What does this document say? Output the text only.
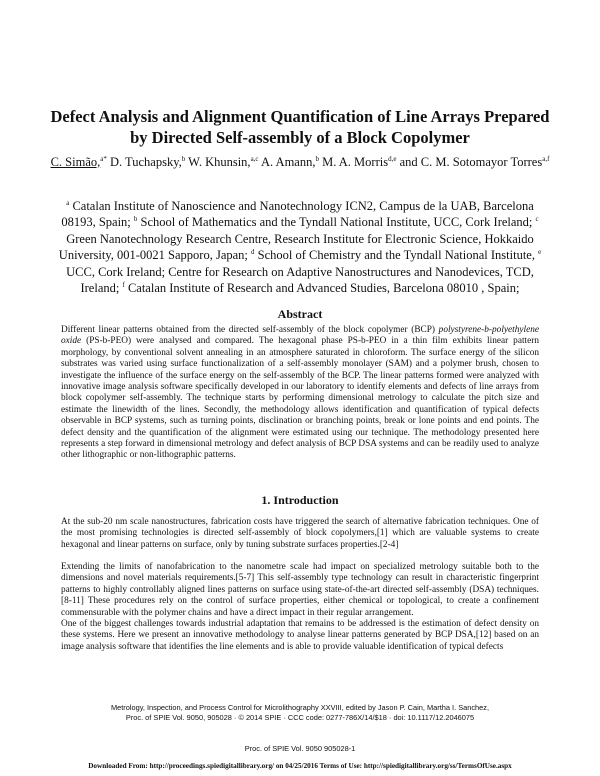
Defect Analysis and Alignment Quantification of Line Arrays Prepared
by Directed Self-assembly of a Block Copolymer
C. Simão,$^{a*}$ D. Tuchapsky,$^b$ W. Khunsin,$^{a,c}$ A. Amann,$^b$ M. A. Morris$^{d,e}$ and C. M. Sotomayor Torres$^{a,f}$
$^a$ Catalan Institute of Nanoscience and Nanotechnology ICN2, Campus de la UAB, Barcelona 08193, Spain; $^b$ School of Mathematics and the Tyndall National Institute, UCC, Cork Ireland; $^c$ Green Nanotechnology Research Centre, Research Institute for Electronic Science, Hokkaido University, 001-0021 Sapporo, Japan; $^d$ School of Chemistry and the Tyndall National Institute, $^e$ UCC, Cork Ireland; Centre for Research on Adaptive Nanostructures and Nanodevices, TCD, Ireland; $^f$ Catalan Institute of Research and Advanced Studies, Barcelona 08010 , Spain;
Abstract
Different linear patterns obtained from the directed self-assembly of the block copolymer (BCP) polystyrene-b-polyethylene oxide (PS-b-PEO) were analysed and compared. The hexagonal phase PS-b-PEO in a thin film exhibits linear pattern morphology, by conventional solvent annealing in an atmosphere saturated in chloroform. The surface energy of the silicon substrates was varied using surface functionalization of a self-assembly monolayer (SAM) and a polymer brush, chosen to investigate the influence of the surface energy on the self-assembly of the BCP. The linear patterns formed were analyzed with innovative image analysis software specifically developed in our laboratory to identify elements and defects of line arrays from block copolymer self-assembly. The technique starts by performing dimensional metrology to calculate the pitch size and estimate the linewidth of the lines. Secondly, the methodology allows identification and quantification of typical defects observable in BCP systems, such as turning points, disclination or branching points, break or lone points and end points. The defect density and the quantification of the alignment were estimated using our technique. The methodology presented here represents a step forward in dimensional metrology and defect analysis of BCP DSA systems and can be readily used to analyze other lithographic or non-lithographic patterns.
1. Introduction
At the sub-20 nm scale nanostructures, fabrication costs have triggered the search of alternative fabrication techniques. One of the most promising technologies is directed self-assembly of block copolymers,[1] which are valuable systems to create hexagonal and linear patterns on surface, only by tuning substrate surfaces properties.[2-4]
Extending the limits of nanofabrication to the nanometre scale had impact on specialized metrology suitable both to the dimensions and novel materials requirements.[5-7] This self-assembly type technology can result in characteristic fingerprint patterns to highly controllably aligned lines patterns on surface using state-of-the-art directed self-assembly (DSA) techniques.[8-11] These procedures rely on the control of surface properties, either chemical or topological, to create a confinement commensurable with the polymer chains and have a direct impact in their regular arrangement.
One of the biggest challenges towards industrial adaptation that remains to be addressed is the estimation of defect density on these systems. Here we present an innovative methodology to analyse linear patterns generated by BCP DSA,[12] based on an image analysis software that identifies the line elements and is able to provide valuable identification of typical defects
Metrology, Inspection, and Process Control for Microlithography XXVIII, edited by Jason P. Cain, Martha I. Sanchez,
Proc. of SPIE Vol. 9050, 905028 · © 2014 SPIE · CCC code: 0277-786X/14/$18 · doi: 10.1117/12.2046075
Proc. of SPIE Vol. 9050 905028-1
Downloaded From: http://proceedings.spiedigitallibrary.org/ on 04/25/2016 Terms of Use: http://spiedigitallibrary.org/ss/TermsOfUse.aspx
